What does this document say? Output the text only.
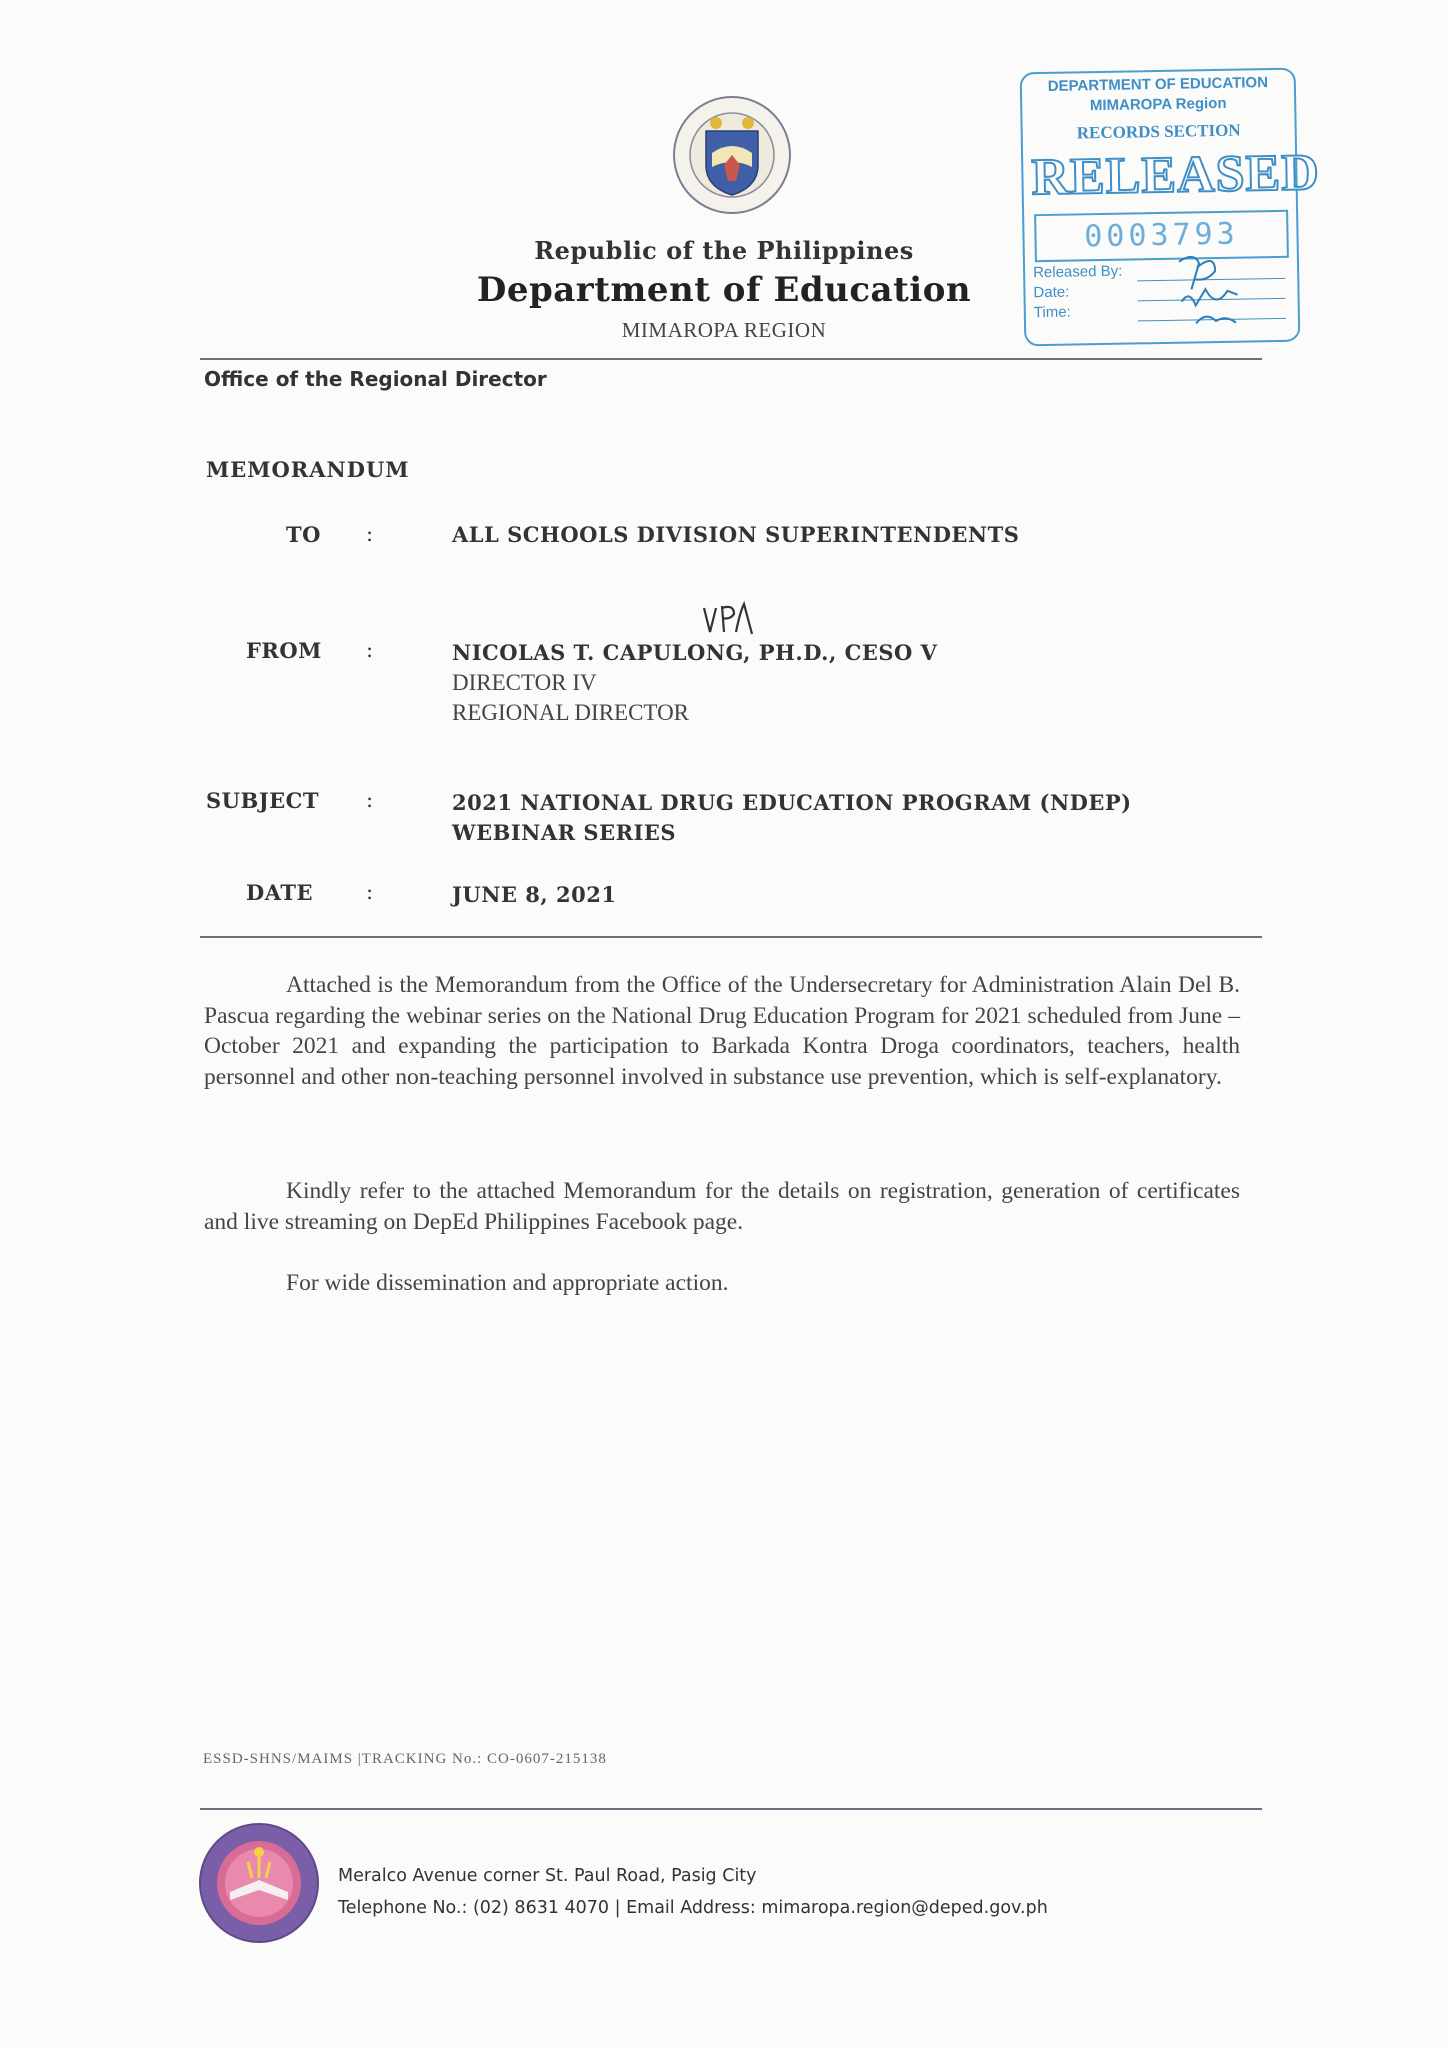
Republic of the Philippines
Department of Education
MIMAROPA REGION
DEPARTMENT OF EDUCATION
MIMAROPA Region
RECORDS SECTION
RELEASED
0003793
Released By:
Date:
Time:
Office of the Regional Director
MEMORANDUM
TO :	ALL SCHOOLS DIVISION SUPERINTENDENTS
FROM :	NICOLAS T. CAPULONG, PH.D., CESO V
DIRECTOR IV
REGIONAL DIRECTOR
SUBJECT :	2021 NATIONAL DRUG EDUCATION PROGRAM (NDEP)
WEBINAR SERIES
DATE	:	JUNE 8, 2021
Attached is the Memorandum from the Office of the Undersecretary for Administration Alain Del B. Pascua regarding the webinar series on the National Drug Education Program for 2021 scheduled from June –October 2021 and expanding the participation to Barkada Kontra Droga coordinators, teachers, health personnel and other non-teaching personnel involved in substance use prevention, which is self-explanatory.
Kindly refer to the attached Memorandum for the details on registration, generation of certificates and live streaming on DepEd Philippines Facebook page.
For wide dissemination and appropriate action.
ESSD-SHNS/MAIMS |TRACKING No.: CO-0607-215138
Meralco Avenue corner St. Paul Road, Pasig City
Telephone No.: (02) 8631 4070 | Email Address: mimaropa.region@deped.gov.ph
